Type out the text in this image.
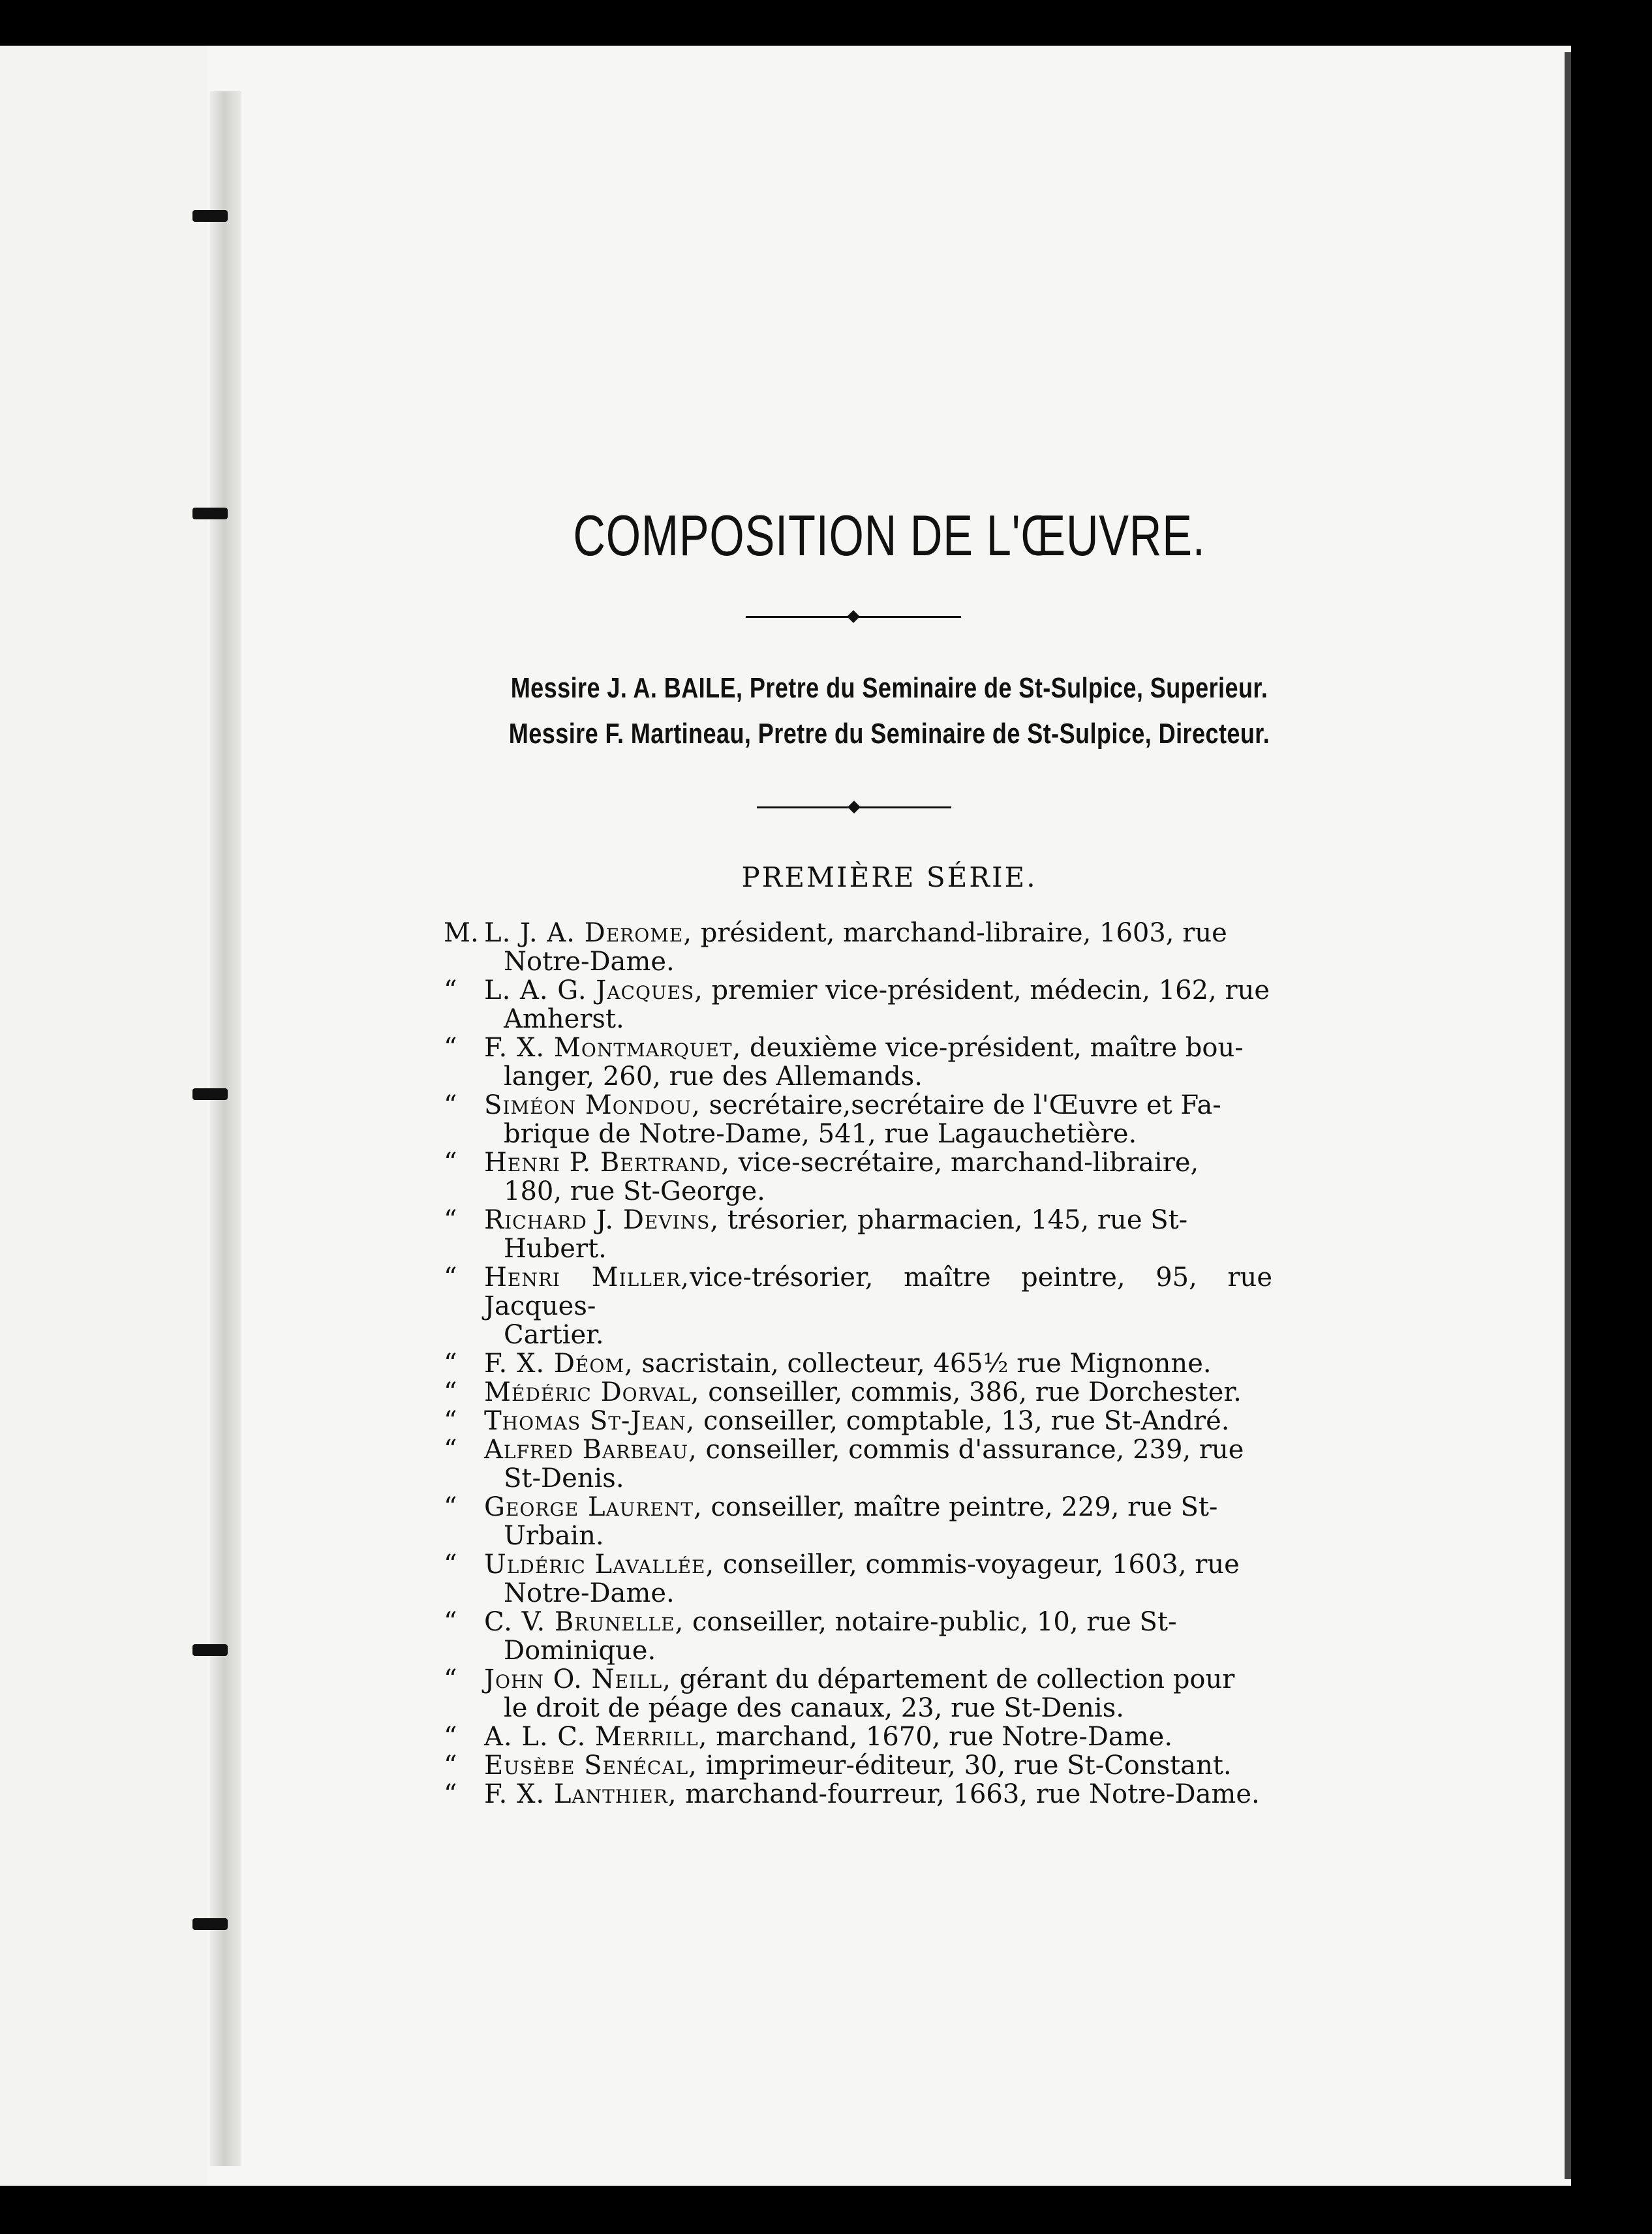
COMPOSITION DE L'ŒUVRE.
Messire J. A. BAILE, Pretre du Seminaire de St-Sulpice, Superieur.
Messire F. Martineau, Pretre du Seminaire de St-Sulpice, Directeur.
PREMIÈRE SÉRIE.
M. L. J. A. Derome, président, marchand-libraire, 1603, rue
Notre-Dame.
“	L. A. G. Jacques, premier vice-président, médecin, 162, rue
Amherst.
“	F. X. Montmarquet, deuxième vice-président, maître bou-
langer, 260, rue des Allemands.
“	Siméon Mondou, secrétaire,secrétaire de l'Œuvre et Fa-
brique de Notre-Dame, 541, rue Lagauchetière.
“	Henri P. Bertrand, vice-secrétaire, marchand-libraire,
180, rue St-George.
“	Richard J. Devins, trésorier, pharmacien, 145, rue St-
Hubert.
“	Henri Miller,vice-trésorier, maître peintre, 95, rue Jacques-
Cartier.
“	F. X. Déom, sacristain, collecteur, 465½ rue Mignonne.
“	Médéric Dorval, conseiller, commis, 386, rue Dorchester.
“	Thomas St-Jean, conseiller, comptable, 13, rue St-André.
“	Alfred Barbeau, conseiller, commis d'assurance, 239, rue
St-Denis.
“	George Laurent, conseiller, maître peintre, 229, rue St-
Urbain.
“	Uldéric Lavallée, conseiller, commis-voyageur, 1603, rue
Notre-Dame.
“	C. V. Brunelle, conseiller, notaire-public, 10, rue St-
Dominique.
“	John O. Neill, gérant du département de collection pour
le droit de péage des canaux, 23, rue St-Denis.
“	A. L. C. Merrill, marchand, 1670, rue Notre-Dame.
“	Eusèbe Senécal, imprimeur-éditeur, 30, rue St-Constant.
“	F. X. Lanthier, marchand-fourreur, 1663, rue Notre-Dame.
